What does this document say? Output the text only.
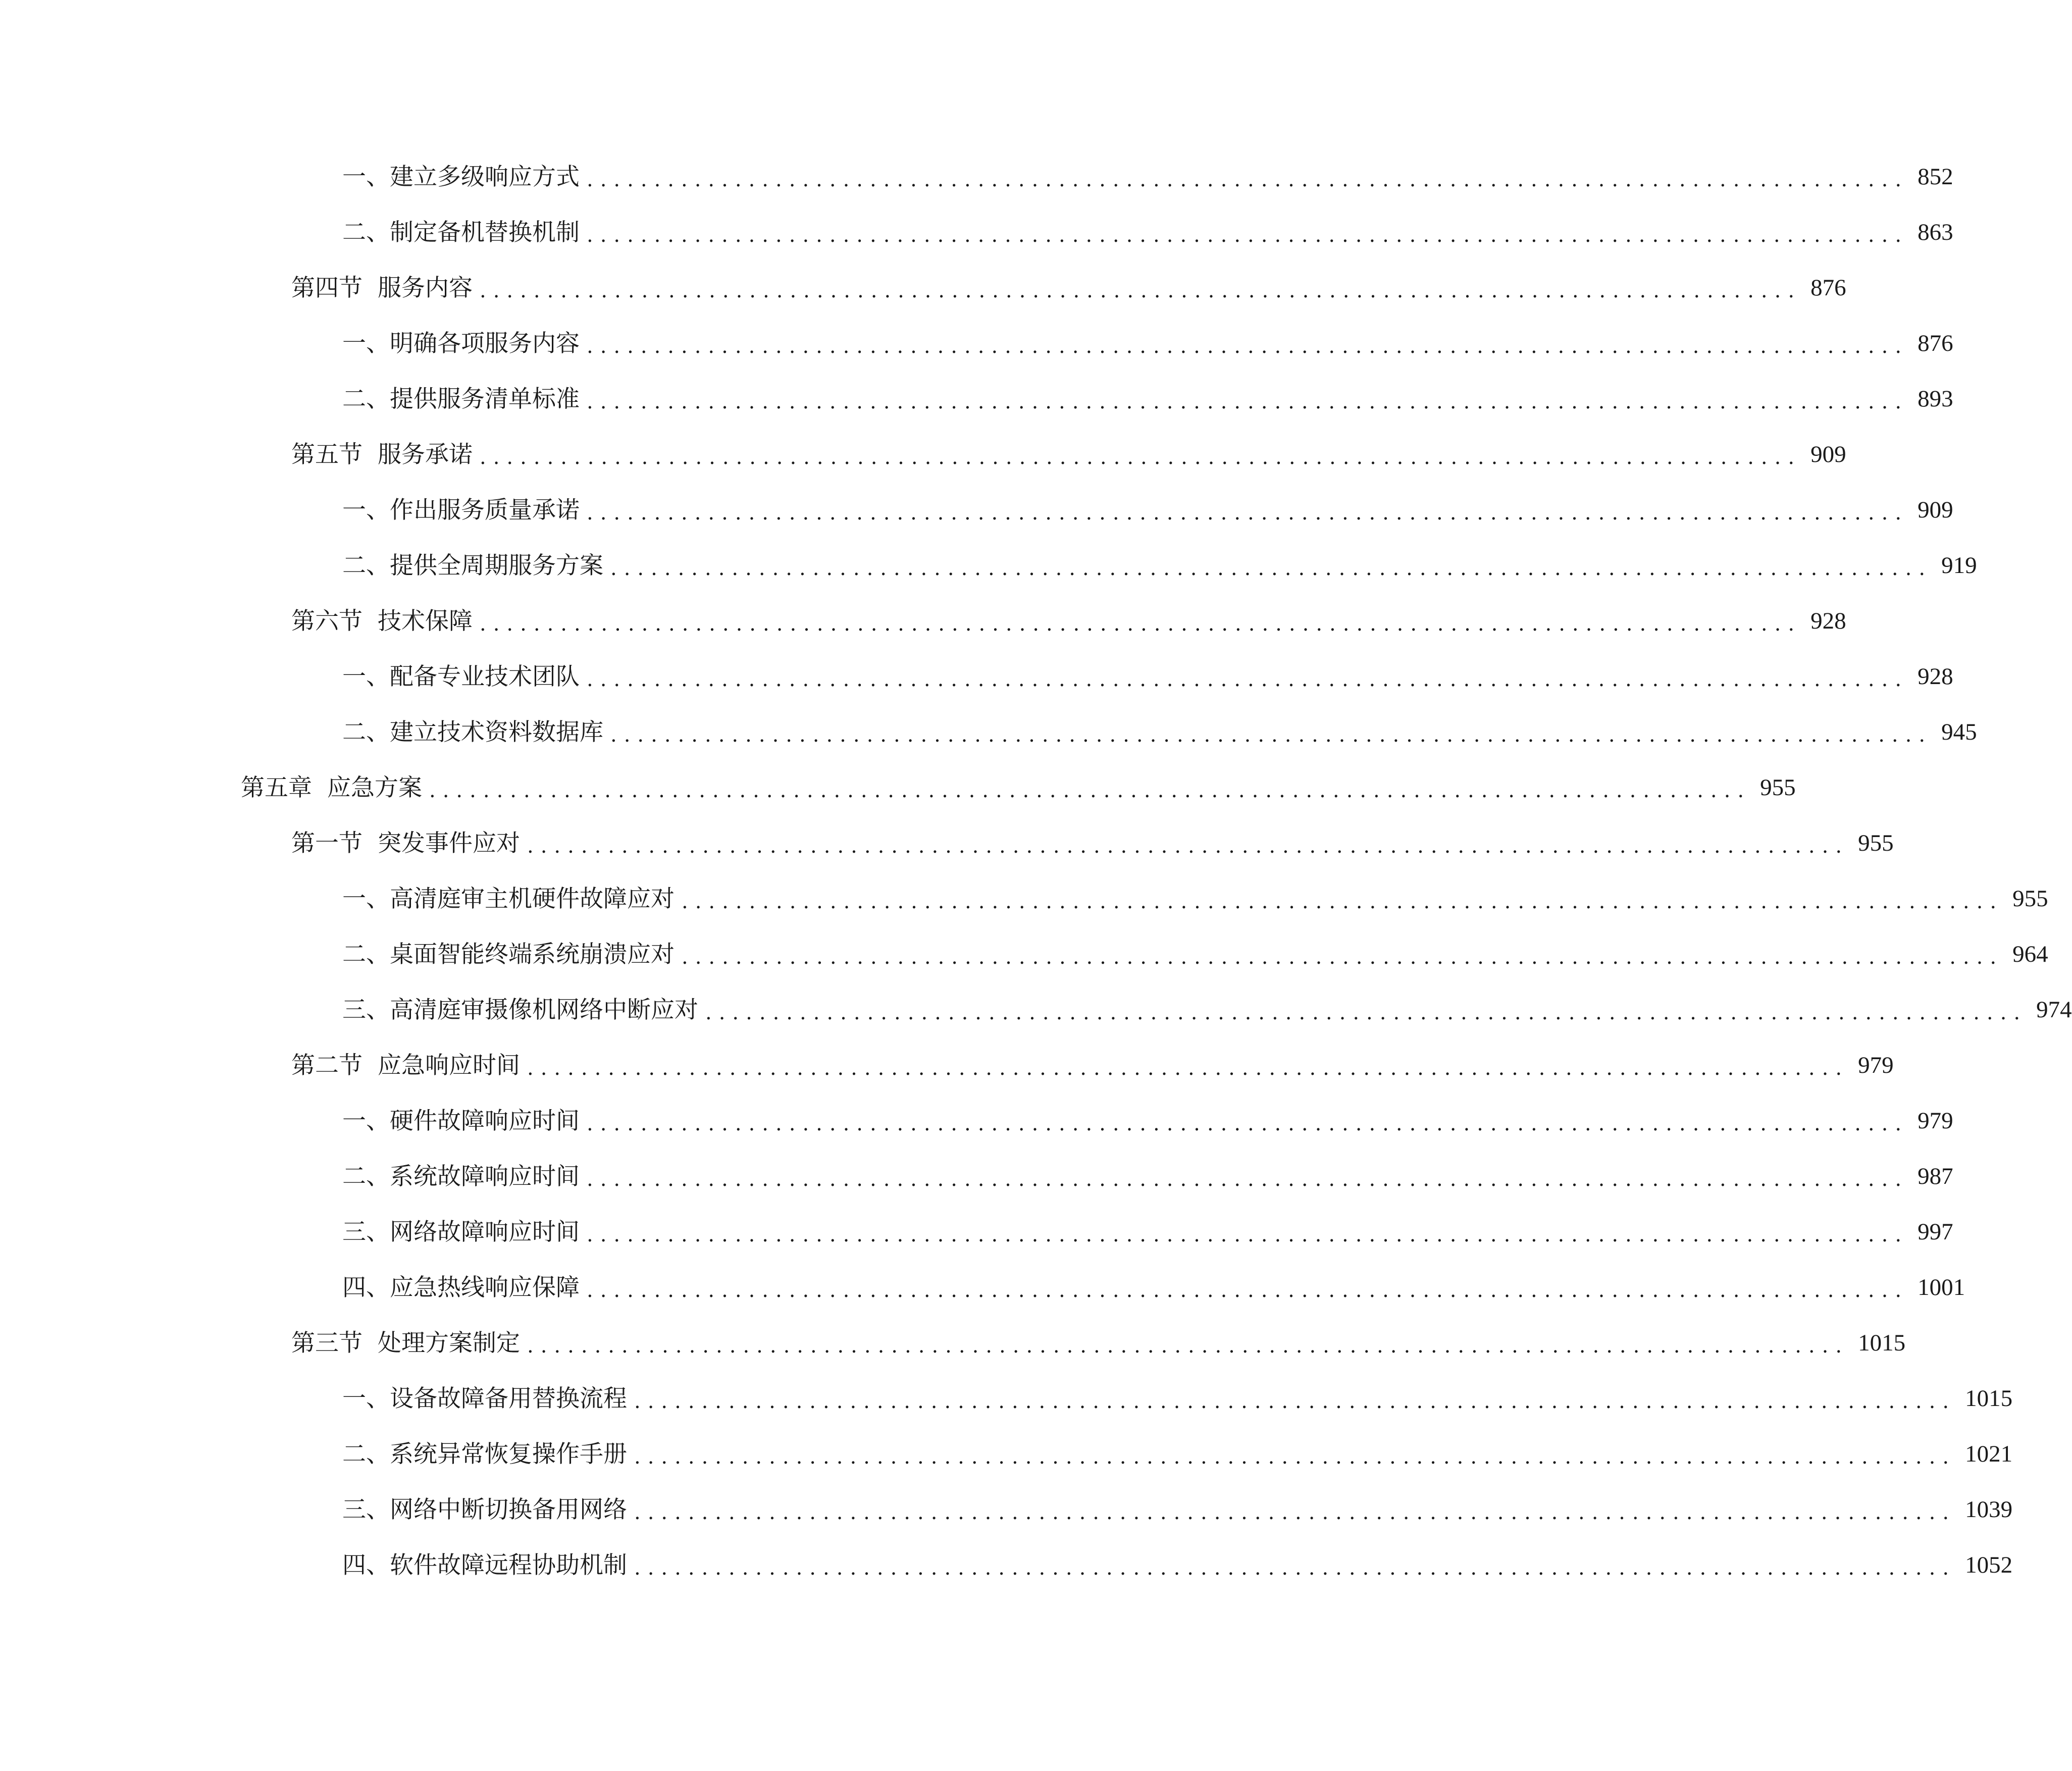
一、 建立多级响应方式 .................................................................................................. 852
二、 制定备机替换机制 .................................................................................................. 863
第四节 服务内容 .................................................................................................. 876
一、 明确各项服务内容 .................................................................................................. 876
二、 提供服务清单标准 .................................................................................................. 893
第五节 服务承诺 .................................................................................................. 909
一、 作出服务质量承诺 .................................................................................................. 909
二、 提供全周期服务方案 .................................................................................................. 919
第六节 技术保障 .................................................................................................. 928
一、 配备专业技术团队 .................................................................................................. 928
二、 建立技术资料数据库 .................................................................................................. 945
第五章 应急方案 .................................................................................................. 955
第一节 突发事件应对 .................................................................................................. 955
一、 高清庭审主机硬件故障应对 .................................................................................................. 955
二、 桌面智能终端系统崩溃应对 .................................................................................................. 964
三、 高清庭审摄像机网络中断应对 .................................................................................................. 974
第二节 应急响应时间 .................................................................................................. 979
一、 硬件故障响应时间 .................................................................................................. 979
二、 系统故障响应时间 .................................................................................................. 987
三、 网络故障响应时间 .................................................................................................. 997
四、 应急热线响应保障 .................................................................................................. 1001
第三节 处理方案制定 .................................................................................................. 1015
一、 设备故障备用替换流程 .................................................................................................. 1015
二、 系统异常恢复操作手册 .................................................................................................. 1021
三、 网络中断切换备用网络 .................................................................................................. 1039
四、 软件故障远程协助机制 .................................................................................................. 1052
